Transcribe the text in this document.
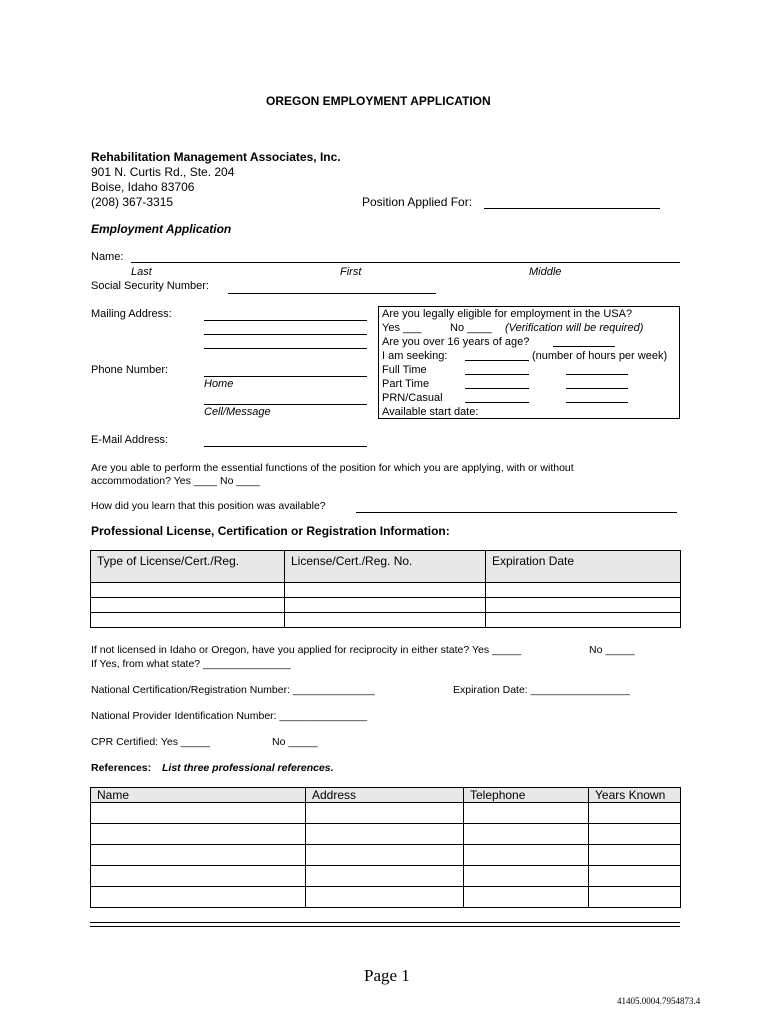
OREGON EMPLOYMENT APPLICATION
Rehabilitation Management Associates, Inc.
901 N. Curtis Rd., Ste. 204
Boise, Idaho 83706
(208) 367-3315	Position Applied For:
Employment Application
Name:
Last	First	Middle
Social Security Number:
Mailing Address:
Phone Number:
Home
Cell/Message
Are you legally eligible for employment in the USA?
Yes ___	No ____ (Verification will be required)
Are you over 16 years of age?
I am seeking:	(number of hours per week)
Full Time
Part Time
PRN/Casual
Available start date:
E-Mail Address:
Are you able to perform the essential functions of the position for which you are applying, with or without
accommodation? Yes ____ No ____
How did you learn that this position was available?
Professional License, Certification or Registration Information:
Type of License/Cert./Reg.	License/Cert./Reg. No.	Expiration Date

If not licensed in Idaho or Oregon, have you applied for reciprocity in either state? Yes _____	No _____
If Yes, from what state? _______________
National Certification/Registration Number: ______________	Expiration Date: _________________
National Provider Identification Number: _______________
CPR Certified: Yes _____	No _____
References: List three professional references.
Name	Address	Telephone	Years Known

Page 1
41405.0004.7954873.4
